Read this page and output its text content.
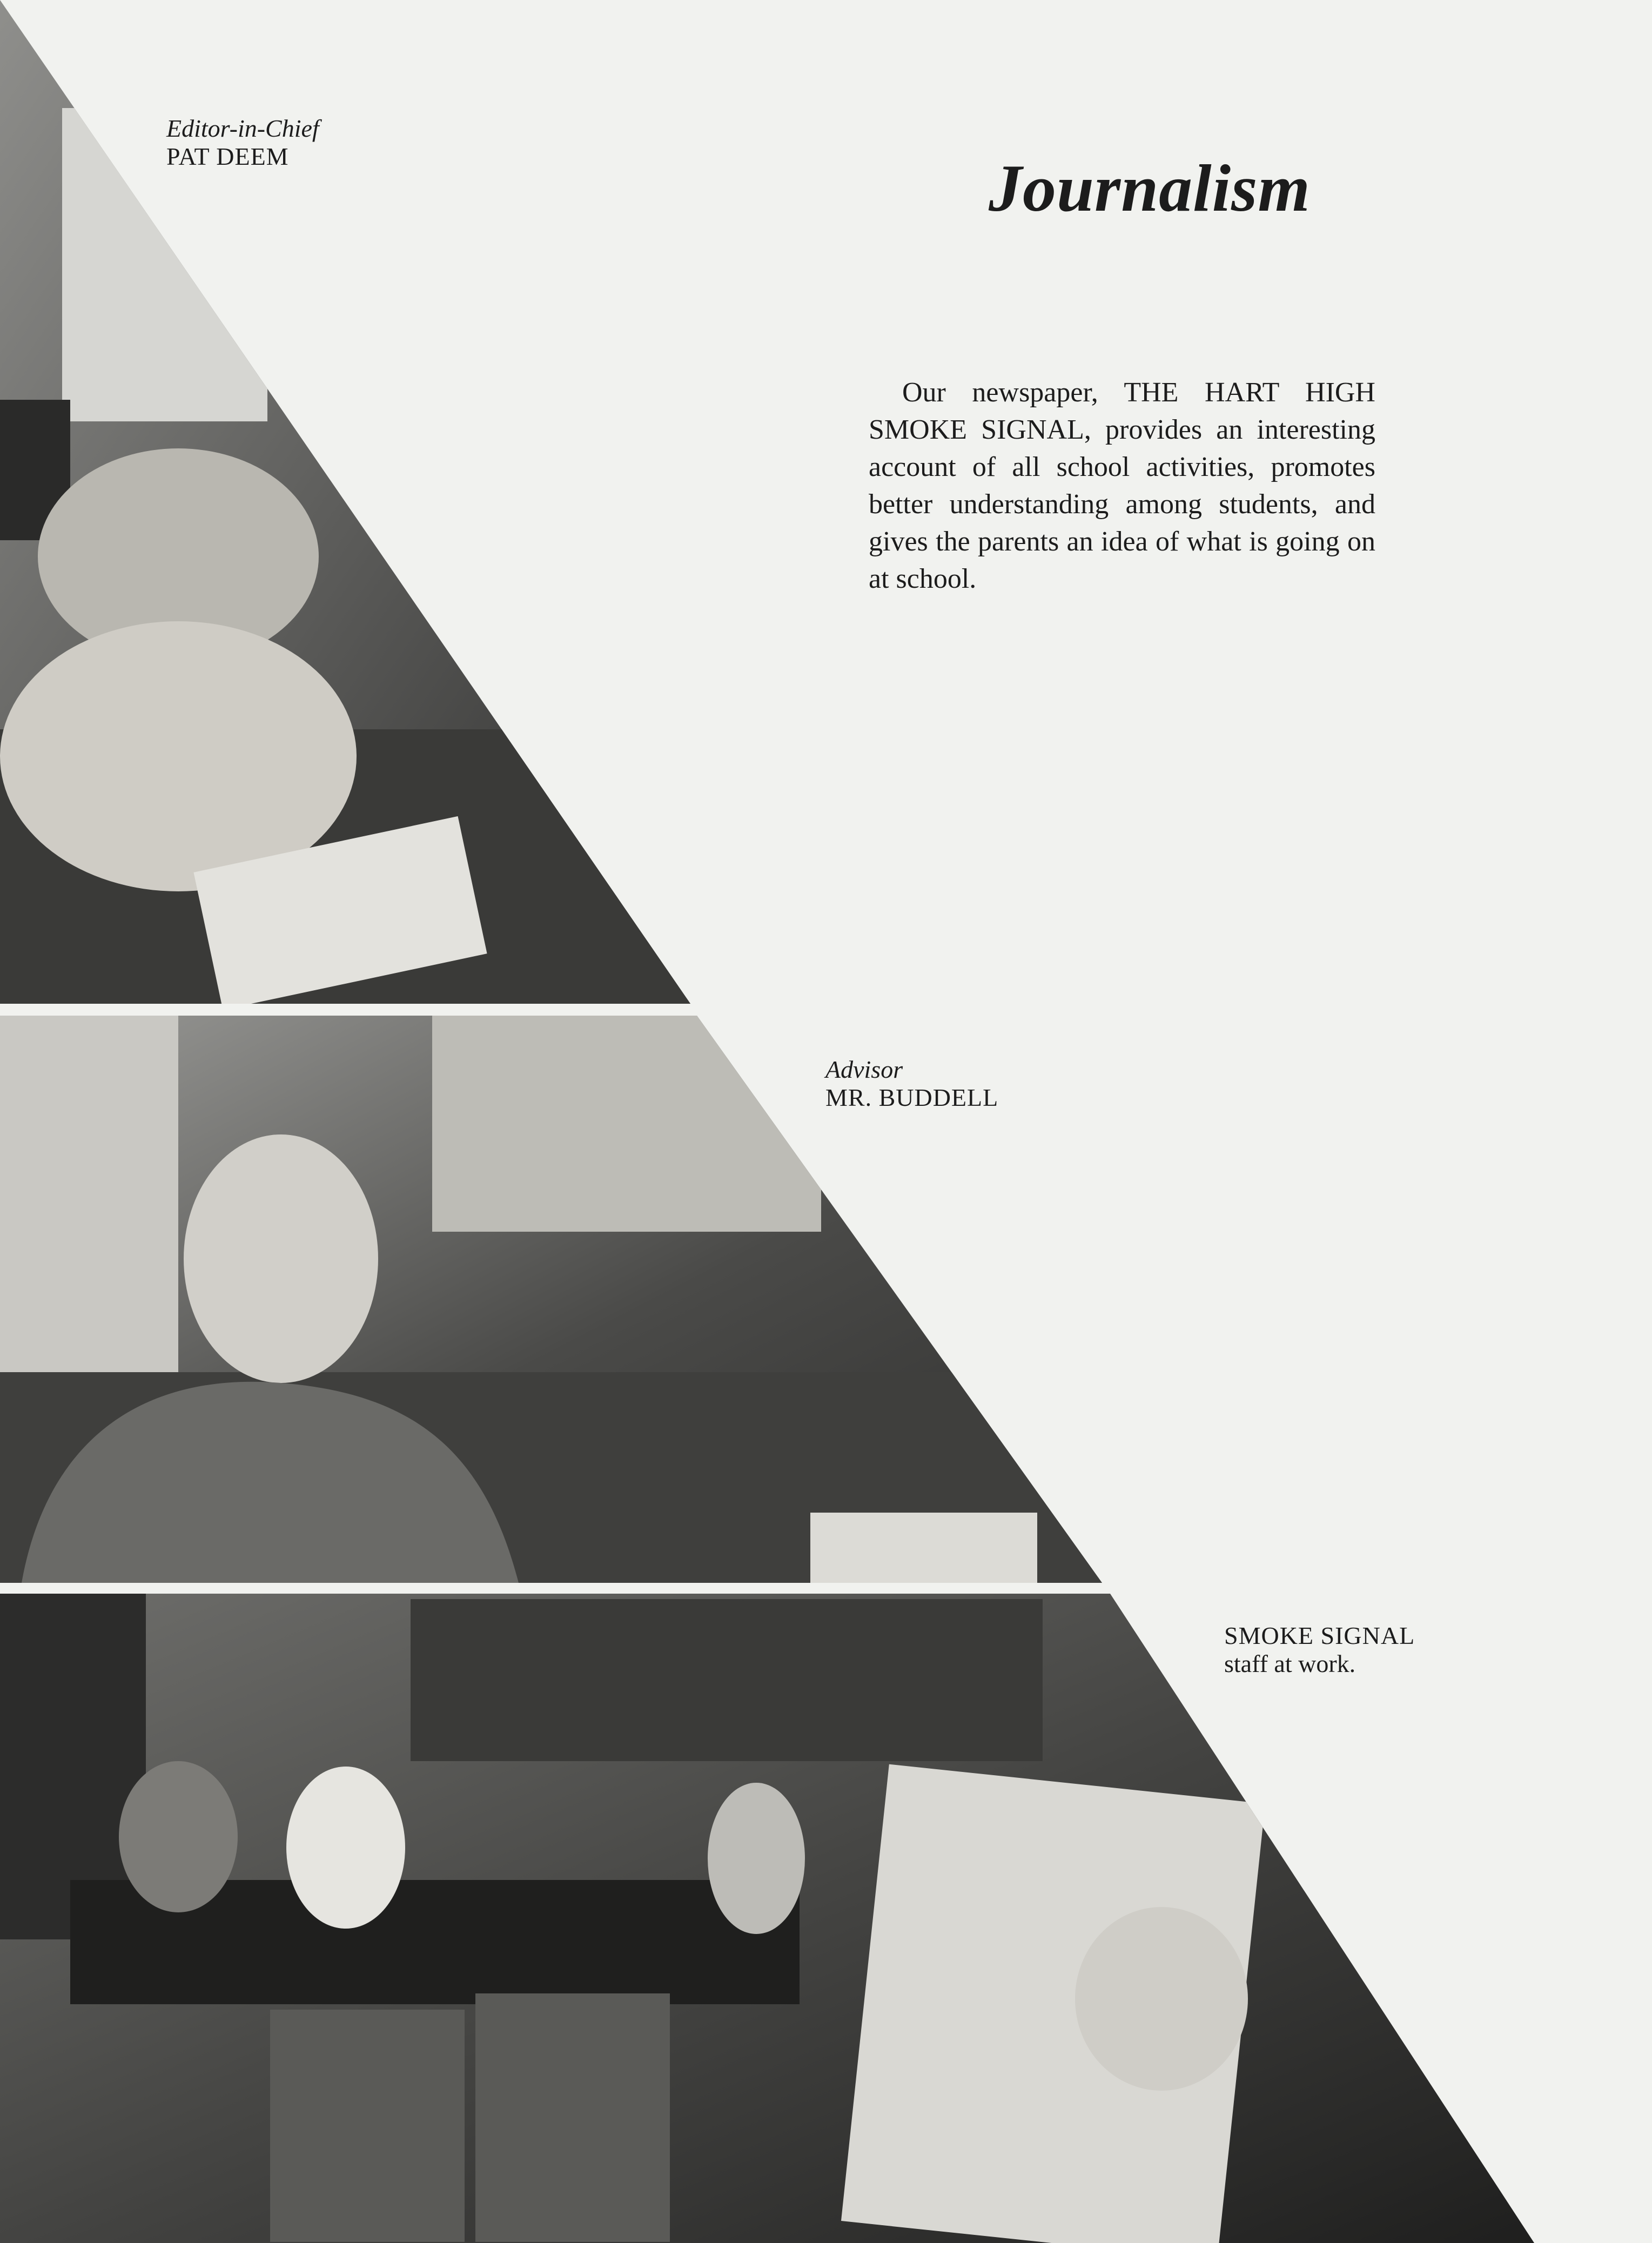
Editor-in-Chief
PAT DEEM	Journalism

Our newspaper, THE HART HIGH SMOKE SIGNAL, provides an interesting account of all school activities, promotes better understanding among students, and gives the parents an idea of what is going on at school.

Advisor
MR. BUDDELL
SMOKE SIGNAL
staff at work.
